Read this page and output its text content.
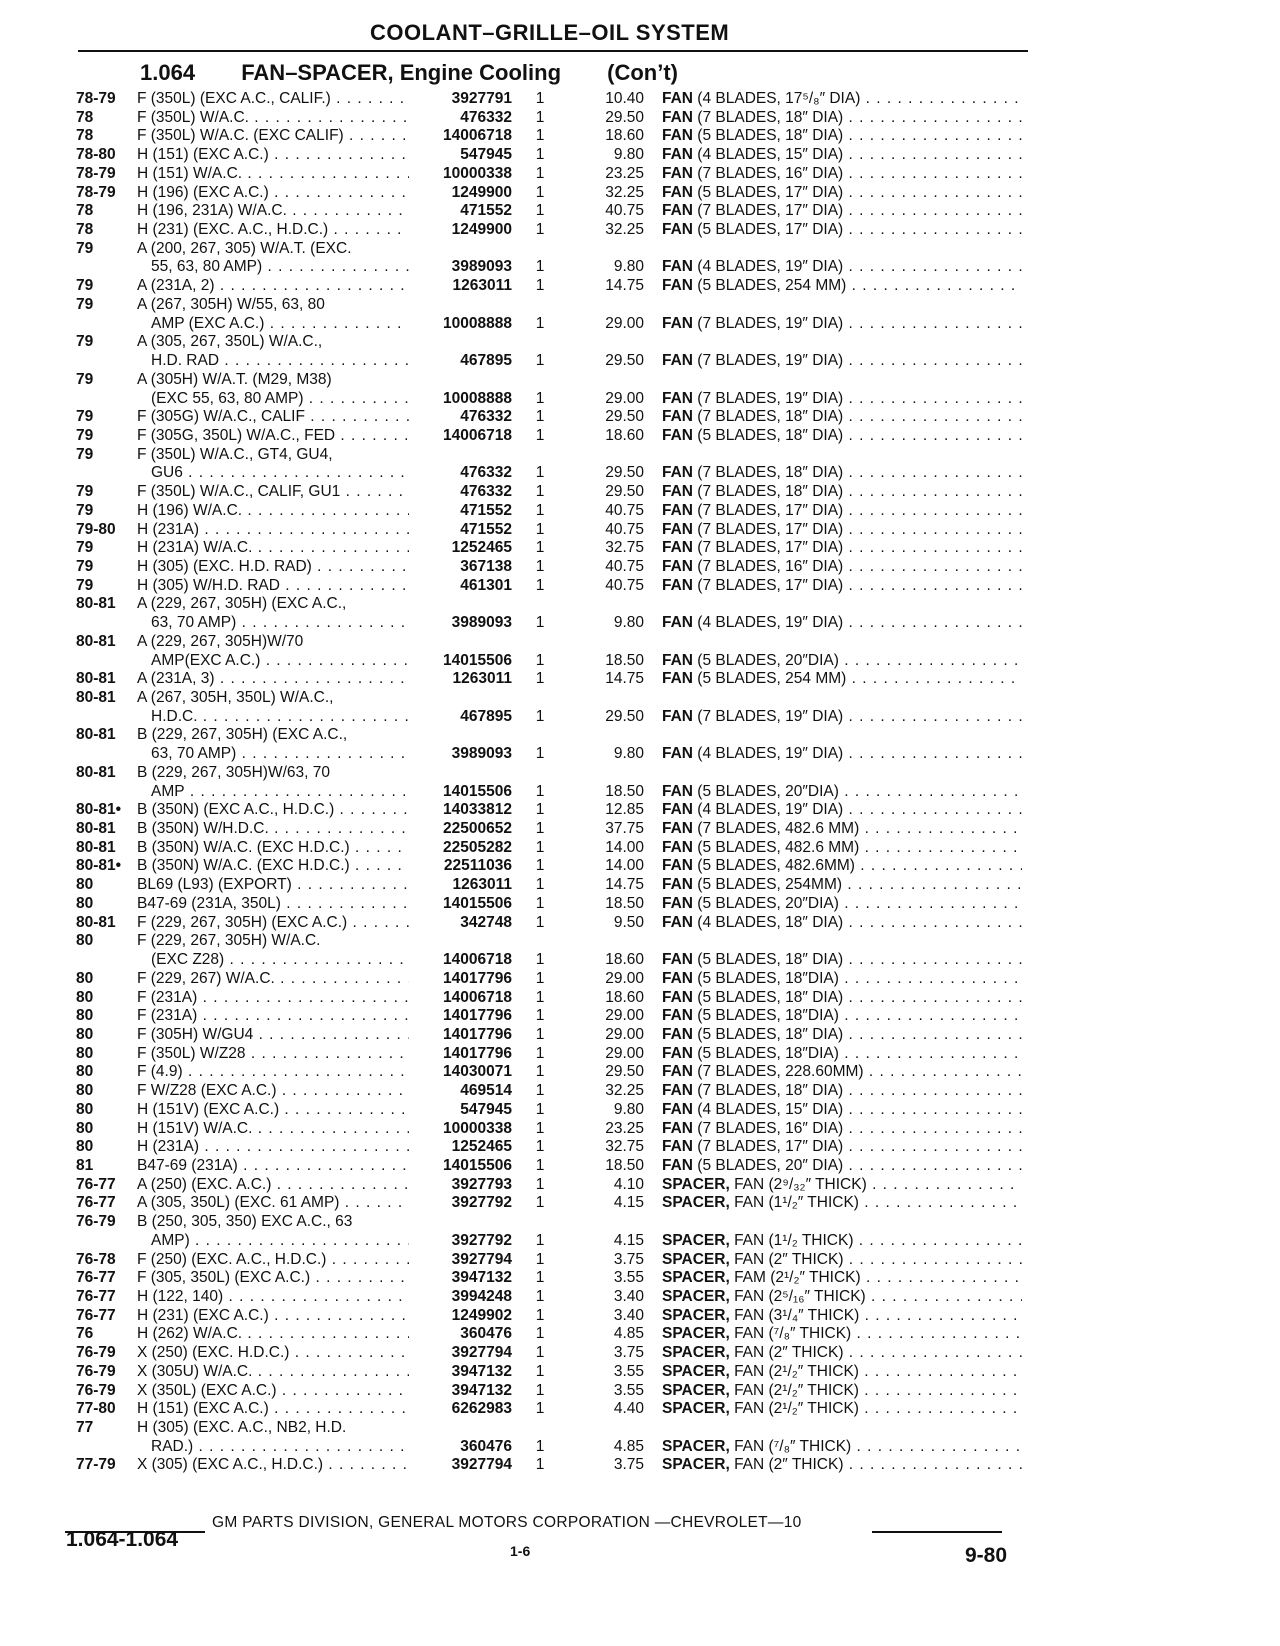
COOLANT–GRILLE–OIL SYSTEM
1.064 FAN–SPACER, Engine Cooling (Con’t)
78-79	F (350L) (EXC A.C., CALIF.) . . .	3927791	1	10.40 FAN (4 BLADES, 17⁵/₈″ DIA) . . .
78	F (350L) W/A.C. . . .	476332	1	29.50 FAN (7 BLADES, 18″ DIA) . . .
78	F (350L) W/A.C. (EXC CALIF) . . .	14006718	1	18.60 FAN (5 BLADES, 18″ DIA) . . .
78-80	H (151) (EXC A.C.) . . .	547945	1	9.80 FAN (4 BLADES, 15″ DIA) . . .
78-79	H (151) W/A.C. . . .	10000338	1	23.25 FAN (7 BLADES, 16″ DIA) . . .
78-79	H (196) (EXC A.C.) . . .	1249900	1	32.25 FAN (5 BLADES, 17″ DIA) . . .
78	H (196, 231A) W/A.C. . . .	471552	1	40.75 FAN (7 BLADES, 17″ DIA) . . .
78	H (231) (EXC. A.C., H.D.C.) . . .	1249900	1	32.25 FAN (5 BLADES, 17″ DIA) . . .
79	A (200, 267, 305) W/A.T. (EXC.
55, 63, 80 AMP) . . .	3989093	1	9.80 FAN (4 BLADES, 19″ DIA) . . .
79	A (231A, 2) . . .	1263011	1	14.75 FAN (5 BLADES, 254 MM) . . .
79	A (267, 305H) W/55, 63, 80
AMP (EXC A.C.) . . .	10008888	1	29.00 FAN (7 BLADES, 19″ DIA) . . .
79	A (305, 267, 350L) W/A.C.,
H.D. RAD . . .	467895	1	29.50 FAN (7 BLADES, 19″ DIA) . . .
79	A (305H) W/A.T. (M29, M38)
(EXC 55, 63, 80 AMP) . . .	10008888	1	29.00 FAN (7 BLADES, 19″ DIA) . . .
79	F (305G) W/A.C., CALIF . . .	476332	1	29.50 FAN (7 BLADES, 18″ DIA) . . .
79	F (305G, 350L) W/A.C., FED . . .	14006718	1	18.60 FAN (5 BLADES, 18″ DIA) . . .
79	F (350L) W/A.C., GT4, GU4,
GU6 . . .	476332	1	29.50 FAN (7 BLADES, 18″ DIA) . . .
79	F (350L) W/A.C., CALIF, GU1 . . .	476332	1	29.50 FAN (7 BLADES, 18″ DIA) . . .
79	H (196) W/A.C. . . .	471552	1	40.75 FAN (7 BLADES, 17″ DIA) . . .
79-80	H (231A) . . .	471552	1	40.75 FAN (7 BLADES, 17″ DIA) . . .
79	H (231A) W/A.C. . . .	1252465	1	32.75 FAN (7 BLADES, 17″ DIA) . . .
79	H (305) (EXC. H.D. RAD) . . .	367138	1	40.75 FAN (7 BLADES, 16″ DIA) . . .
79	H (305) W/H.D. RAD . . .	461301	1	40.75 FAN (7 BLADES, 17″ DIA) . . .
80-81	A (229, 267, 305H) (EXC A.C.,
63, 70 AMP) . . .	3989093	1	9.80 FAN (4 BLADES, 19″ DIA) . . .
80-81	A (229, 267, 305H)W/70
AMP(EXC A.C.) . . .	14015506	1	18.50 FAN (5 BLADES, 20″DIA) . . .
80-81	A (231A, 3) . . .	1263011	1	14.75 FAN (5 BLADES, 254 MM) . . .
80-81	A (267, 305H, 350L) W/A.C.,
H.D.C. . . .	467895	1	29.50 FAN (7 BLADES, 19″ DIA) . . .
80-81	B (229, 267, 305H) (EXC A.C.,
63, 70 AMP) . . .	3989093	1	9.80 FAN (4 BLADES, 19″ DIA) . . .
80-81	B (229, 267, 305H)W/63, 70
AMP . . .	14015506	1	18.50 FAN (5 BLADES, 20″DIA) . . .
80-81•	B (350N) (EXC A.C., H.D.C.) . . .	14033812	1	12.85 FAN (4 BLADES, 19″ DIA) . . .
80-81	B (350N) W/H.D.C. . . .	22500652	1	37.75 FAN (7 BLADES, 482.6 MM) . . .
80-81	B (350N) W/A.C. (EXC H.D.C.) . . .	22505282	1	14.00 FAN (5 BLADES, 482.6 MM) . . .
80-81•	B (350N) W/A.C. (EXC H.D.C.) . . .	22511036	1	14.00 FAN (5 BLADES, 482.6MM) . . .
80	BL69 (L93) (EXPORT) . . .	1263011	1	14.75 FAN (5 BLADES, 254MM) . . .
80	B47-69 (231A, 350L) . . .	14015506	1	18.50 FAN (5 BLADES, 20″DIA) . . .
80-81	F (229, 267, 305H) (EXC A.C.) . . .	342748	1	9.50 FAN (4 BLADES, 18″ DIA) . . .
80	F (229, 267, 305H) W/A.C.
(EXC Z28) . . .	14006718	1	18.60 FAN (5 BLADES, 18″ DIA) . . .
80	F (229, 267) W/A.C. . . .	14017796	1	29.00 FAN (5 BLADES, 18″DIA) . . .
80	F (231A) . . .	14006718	1	18.60 FAN (5 BLADES, 18″ DIA) . . .
80	F (231A) . . .	14017796	1	29.00 FAN (5 BLADES, 18″DIA) . . .
80	F (305H) W/GU4 . . .	14017796	1	29.00 FAN (5 BLADES, 18″ DIA) . . .
80	F (350L) W/Z28 . . .	14017796	1	29.00 FAN (5 BLADES, 18″DIA) . . .
80	F (4.9) . . .	14030071	1	29.50 FAN (7 BLADES, 228.60MM) . . .
80	F W/Z28 (EXC A.C.) . . .	469514	1	32.25 FAN (7 BLADES, 18″ DIA) . . .
80	H (151V) (EXC A.C.) . . .	547945	1	9.80 FAN (4 BLADES, 15″ DIA) . . .
80	H (151V) W/A.C. . . .	10000338	1	23.25 FAN (7 BLADES, 16″ DIA) . . .
80	H (231A) . . .	1252465	1	32.75 FAN (7 BLADES, 17″ DIA) . . .
81	B47-69 (231A) . . .	14015506	1	18.50 FAN (5 BLADES, 20″ DIA) . . .
76-77	A (250) (EXC. A.C.) . . .	3927793	1	4.10 SPACER, FAN (2⁹/₃₂″ THICK) . . .
76-77	A (305, 350L) (EXC. 61 AMP) . . .	3927792	1	4.15 SPACER, FAN (1¹/₂″ THICK) . . .
76-79	B (250, 305, 350) EXC A.C., 63
AMP) . . .	3927792	1	4.15 SPACER, FAN (1¹/₂ THICK) . . .
76-78	F (250) (EXC. A.C., H.D.C.) . . .	3927794	1	3.75 SPACER, FAN (2″ THICK) . . .
76-77	F (305, 350L) (EXC A.C.) . . .	3947132	1	3.55 SPACER, FAM (2¹/₂″ THICK) . . .
76-77	H (122, 140) . . .	3994248	1	3.40 SPACER, FAN (2⁵/₁₆″ THICK) . . .
76-77	H (231) (EXC A.C.) . . .	1249902	1	3.40 SPACER, FAN (3¹/₄″ THICK) . . .
76	H (262) W/A.C. . . .	360476	1	4.85 SPACER, FAN (⁷/₈″ THICK) . . .
76-79	X (250) (EXC. H.D.C.) . . .	3927794	1	3.75 SPACER, FAN (2″ THICK) . . .
76-79	X (305U) W/A.C. . . .	3947132	1	3.55 SPACER, FAN (2¹/₂″ THICK) . . .
76-79	X (350L) (EXC A.C.) . . .	3947132	1	3.55 SPACER, FAN (2¹/₂″ THICK) . . .
77-80	H (151) (EXC A.C.) . . .	6262983	1	4.40 SPACER, FAN (2¹/₂″ THICK) . . .
77	H (305) (EXC. A.C., NB2, H.D.
RAD.) . . .	360476	1	4.85 SPACER, FAN (⁷/₈″ THICK) . . .
77-79	X (305) (EXC A.C., H.D.C.) . . .	3927794	1	3.75 SPACER, FAN (2″ THICK) . . .
GM PARTS DIVISION, GENERAL MOTORS CORPORATION —CHEVROLET—10
1.064-1.064	1-6	9-80
